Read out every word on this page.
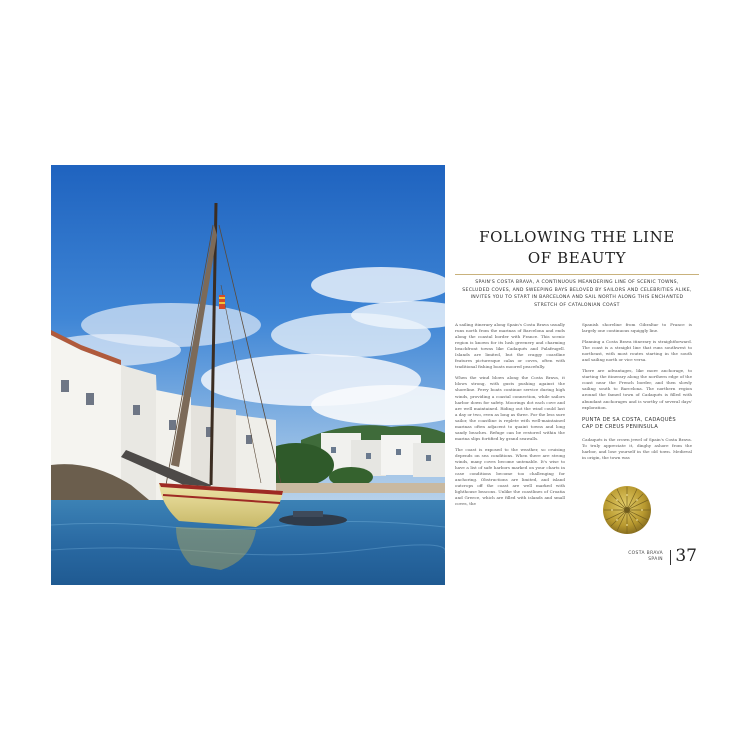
FOLLOWING THE LINE
OF BEAUTY
SPAIN'S COSTA BRAVA, A CONTINUOUS MEANDERING LINE OF SCENIC TOWNS, SECLUDED COVES, AND SWEEPING BAYS BELOVED BY SAILORS AND CELEBRITIES ALIKE, INVITES YOU TO START IN BARCELONA AND SAIL NORTH ALONG THIS ENCHANTED STRETCH OF CATALONIAN COAST

A sailing itinerary along Spain's Costa Brava usually runs north from the marinas of Barcelona and ends along the coastal border with France. This scenic region is known for its lush greenery and charming beachfront towns like Cadaqués and Palafrugell. Islands are limited, but the craggy coastline features picturesque calas or coves, often with traditional fishing boats moored peacefully.

When the wind blows along the Costa Brava, it blows strong, with gusts pushing against the shoreline. Ferry boats continue service during high winds, providing a coastal connection, while sailors harbor down for safety. Moorings dot each cove and are well maintained. Riding out the wind could last a day or two, even as long as three. For the less sure sailor, the coastline is replete with well-maintained marinas often adjacent to quaint towns and long sandy beaches. Refuge can be restored within the marina slips fortified by grand seawalls.

The coast is exposed to the weather, so cruising depends on sea conditions. When there are strong winds, many coves become untenable. It's wise to have a list of safe harbors marked on your charts in case conditions become too challenging for anchoring. Obstructions are limited, and island outcrops off the coast are well marked with lighthouse beacons. Unlike the coastlines of Croatia and Greece, which are filled with islands and small coves, the

Spanish shoreline from Gibraltar to France is largely one continuous squiggly line.

Planning a Costa Brava itinerary is straightforward. The coast is a straight line that runs southwest to northeast, with most routes starting in the south and sailing north or vice versa.

There are advantages, like more anchorage, to starting the itinerary along the northern edge of the coast near the French border, and then slowly sailing south to Barcelona. The northern region around the famed town of Cadaqués is filled with abundant anchorages and is worthy of several days' exploration.

PUNTA DE SA COSTA, CADAQUÉS
CAP DE CREUS PENINSULA

Cadaqués is the crown jewel of Spain's Costa Brava. To truly appreciate it, dinghy ashore from the harbor, and lose yourself in the old town. Medieval in origin, the town was

COSTA BRAVA
SPAIN 37
